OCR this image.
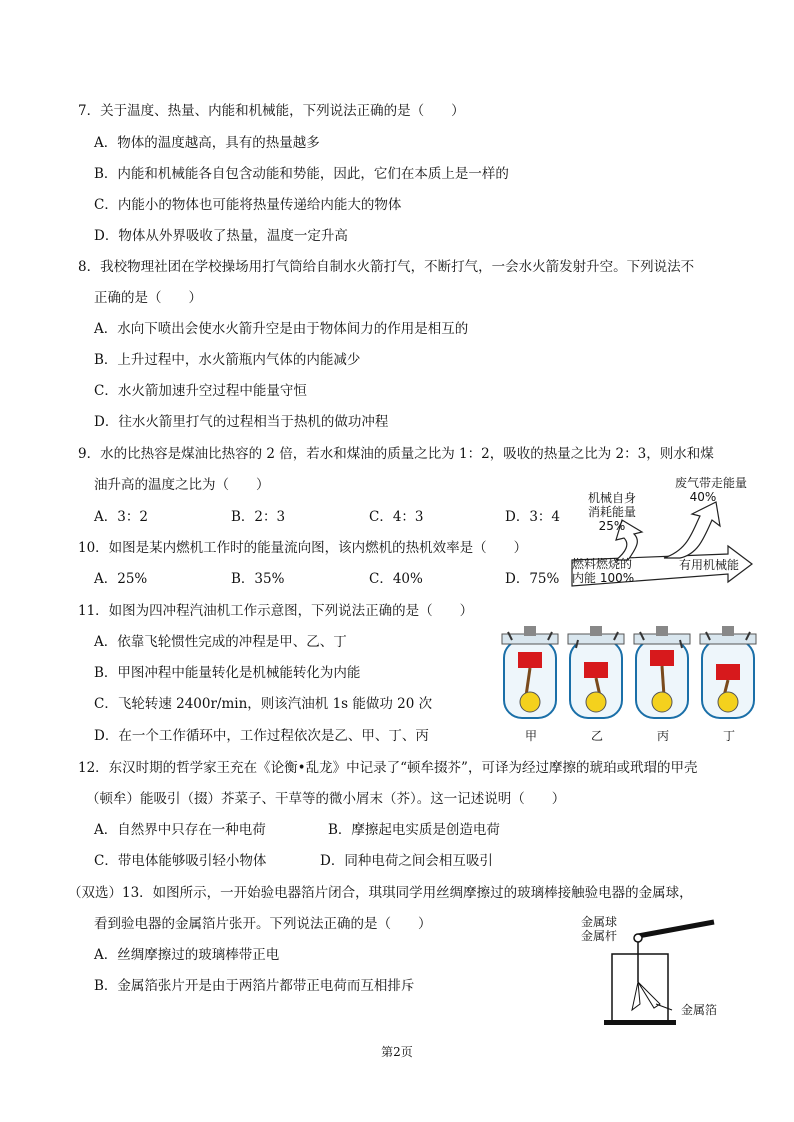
7．关于温度、热量、内能和机械能，下列说法正确的是（　　）
A．物体的温度越高，具有的热量越多
B．内能和机械能各自包含动能和势能，因此，它们在本质上是一样的
C．内能小的物体也可能将热量传递给内能大的物体
D．物体从外界吸收了热量，温度一定升高
8．我校物理社团在学校操场用打气筒给自制水火箭打气，不断打气，一会水火箭发射升空。下列说法不
正确的是（　　）
A．水向下喷出会使水火箭升空是由于物体间力的作用是相互的
B．上升过程中，水火箭瓶内气体的内能减少
C．水火箭加速升空过程中能量守恒
D．往水火箭里打气的过程相当于热机的做功冲程
9．水的比热容是煤油比热容的 2 倍，若水和煤油的质量之比为 1：2，吸收的热量之比为 2：3，则水和煤
油升高的温度之比为（　　）
A．3：2	B．2：3	C．4：3	D．3：4
10．如图是某内燃机工作时的能量流向图，该内燃机的热机效率是（　　）
A．25%	B．35%	C．40%	D．75%
机械自身
消耗能量
25%
废气带走能量
40%
燃料燃烧的
内能 100%
有用机械能
11．如图为四冲程汽油机工作示意图，下列说法正确的是（　　）
A．依靠飞轮惯性完成的冲程是甲、乙、丁
B．甲图冲程中能量转化是机械能转化为内能
C．飞轮转速 2400r/min，则该汽油机 1s 能做功 20 次
D．在一个工作循环中，工作过程依次是乙、甲、丁、丙	甲	乙	丙	丁
12．东汉时期的哲学家王充在《论衡•乱龙》中记录了“顿牟掇芥”，可译为经过摩擦的琥珀或玳瑁的甲壳
（顿牟）能吸引（掇）芥菜子、干草等的微小屑末（芥）。这一记述说明（　　）
A．自然界中只存在一种电荷	B．摩擦起电实质是创造电荷
C．带电体能够吸引轻小物体	D．同种电荷之间会相互吸引
（双选）13．如图所示，一开始验电器箔片闭合，琪琪同学用丝绸摩擦过的玻璃棒接触验电器的金属球，
看到验电器的金属箔片张开。下列说法正确的是（　　）
A．丝绸摩擦过的玻璃棒带正电
B．金属箔张片开是由于两箔片都带正电荷而互相排斥
金属球
金属杆
金属箔
第2页
